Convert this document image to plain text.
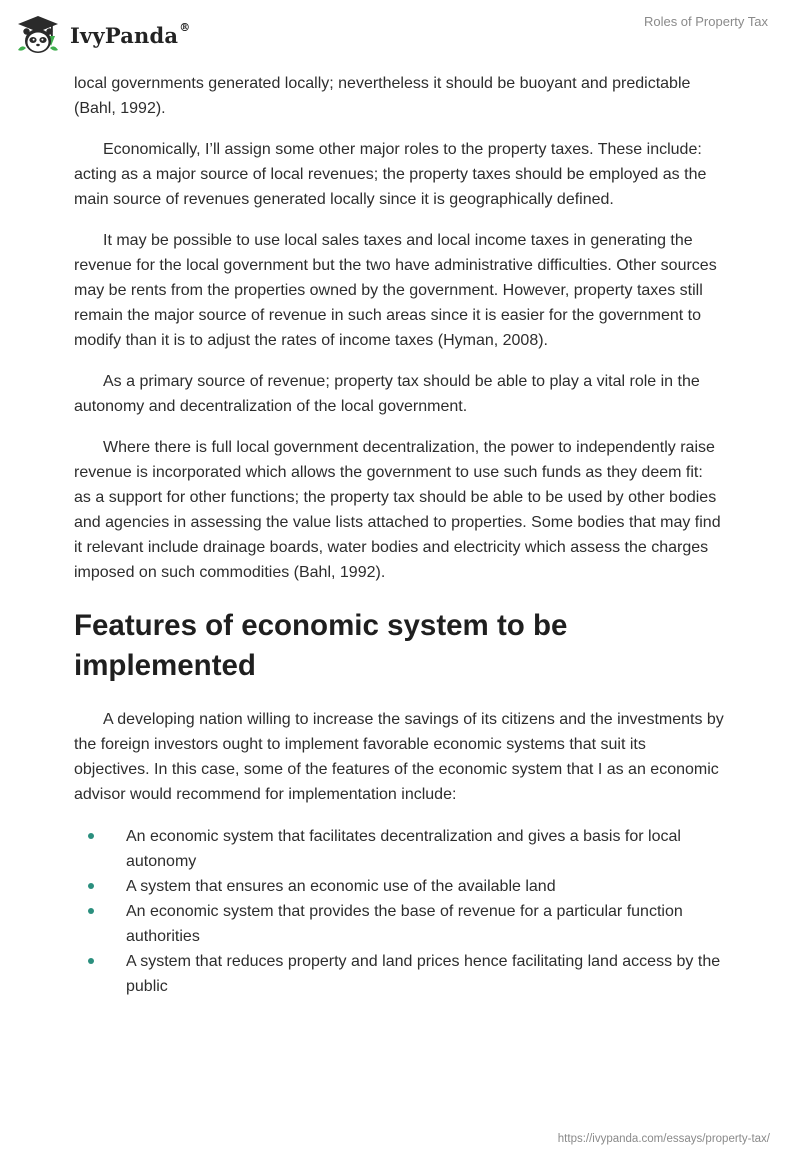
IvyPanda®	Roles of Property Tax

local governments generated locally; nevertheless it should be buoyant and predictable (Bahl, 1992).

Economically, I’ll assign some other major roles to the property taxes. These include: acting as a major source of local revenues; the property taxes should be employed as the main source of revenues generated locally since it is geographically defined.

It may be possible to use local sales taxes and local income taxes in generating the revenue for the local government but the two have administrative difficulties. Other sources may be rents from the properties owned by the government. However, property taxes still remain the major source of revenue in such areas since it is easier for the government to modify than it is to adjust the rates of income taxes (Hyman, 2008).

As a primary source of revenue; property tax should be able to play a vital role in the autonomy and decentralization of the local government.

Where there is full local government decentralization, the power to independently raise revenue is incorporated which allows the government to use such funds as they deem fit: as a support for other functions; the property tax should be able to be used by other bodies and agencies in assessing the value lists attached to properties. Some bodies that may find it relevant include drainage boards, water bodies and electricity which assess the charges imposed on such commodities (Bahl, 1992).

Features of economic system to be implemented

A developing nation willing to increase the savings of its citizens and the investments by the foreign investors ought to implement favorable economic systems that suit its objectives. In this case, some of the features of the economic system that I as an economic advisor would recommend for implementation include:

An economic system that facilitates decentralization and gives a basis for local autonomy
A system that ensures an economic use of the available land
An economic system that provides the base of revenue for a particular function authorities
A system that reduces property and land prices hence facilitating land access by the public
https://ivypanda.com/essays/property-tax/
